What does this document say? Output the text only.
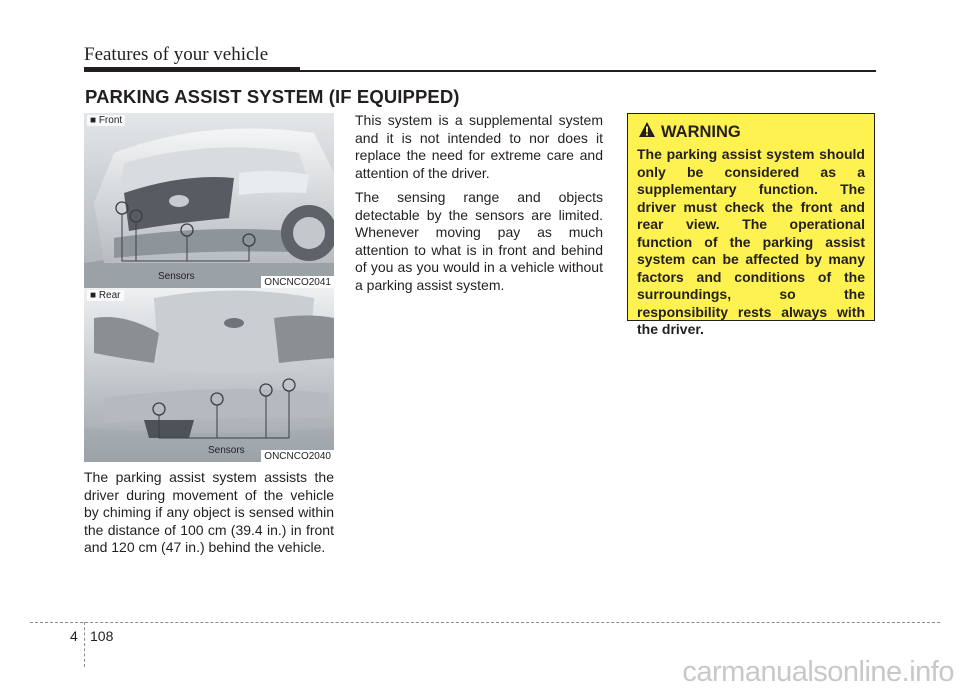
Features of your vehicle
PARKING ASSIST SYSTEM (IF EQUIPPED)
■ Front
Sensors
ONCNCO2041
■ Rear
Sensors
ONCNCO2040

The parking assist system assists the driver during movement of the vehicle by chiming if any object is sensed within the distance of 100 cm (39.4 in.) in front and 120 cm (47 in.) behind the vehicle.

This system is a supplemental system and it is not intended to nor does it replace the need for extreme care and attention of the driver.

The sensing range and objects detectable by the sensors are limited. Whenever moving pay as much attention to what is in front and behind of you as you would in a vehicle without a parking assist system.

WARNING

The parking assist system should only be considered as a supplementary function. The driver must check the front and rear view. The operational function of the parking assist system can be affected by many factors and conditions of the surroundings, so the responsibility rests always with the driver.

4 108
carmanualsonline.info
